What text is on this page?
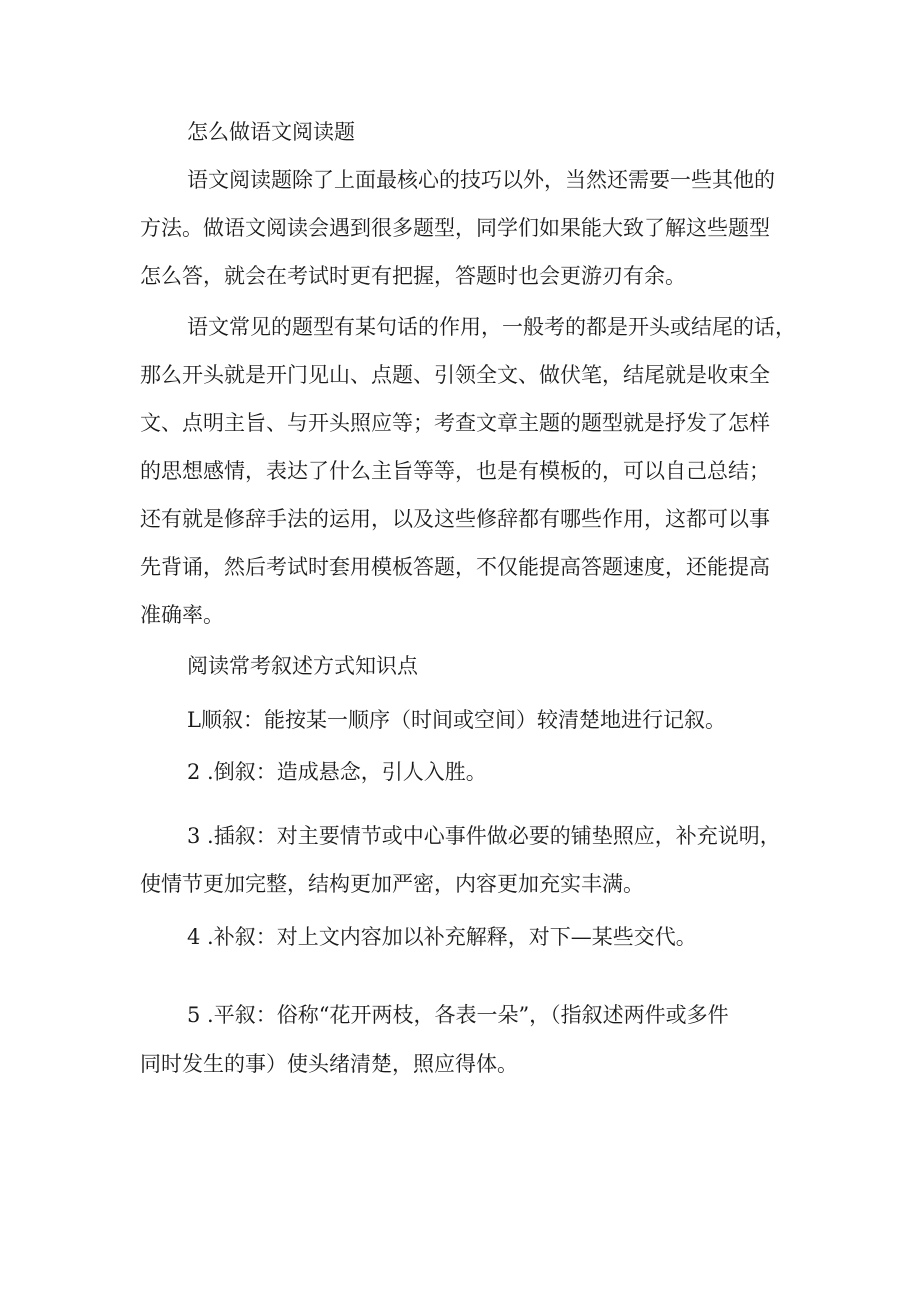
怎么做语文阅读题
语文阅读题除了上面最核心的技巧以外，当然还需要一些其他的
方法。做语文阅读会遇到很多题型，同学们如果能大致了解这些题型
怎么答，就会在考试时更有把握，答题时也会更游刃有余。
语文常见的题型有某句话的作用，一般考的都是开头或结尾的话，
那么开头就是开门见山、点题、引领全文、做伏笔，结尾就是收束全
文、点明主旨、与开头照应等；考查文章主题的题型就是抒发了怎样
的思想感情，表达了什么主旨等等，也是有模板的，可以自己总结；
还有就是修辞手法的运用，以及这些修辞都有哪些作用，这都可以事
先背诵，然后考试时套用模板答题，不仅能提高答题速度，还能提高
准确率。
阅读常考叙述方式知识点
L顺叙：能按某一顺序（时间或空间）较清楚地进行记叙。
2 .倒叙：造成悬念，引人入胜。
3 .插叙：对主要情节或中心事件做必要的铺垫照应，补充说明，
使情节更加完整，结构更加严密，内容更加充实丰满。
4 .补叙：对上文内容加以补充解释，对下—某些交代。
5 .平叙：俗称“花开两枝，各表一朵”，（指叙述两件或多件
同时发生的事）使头绪清楚，照应得体。
